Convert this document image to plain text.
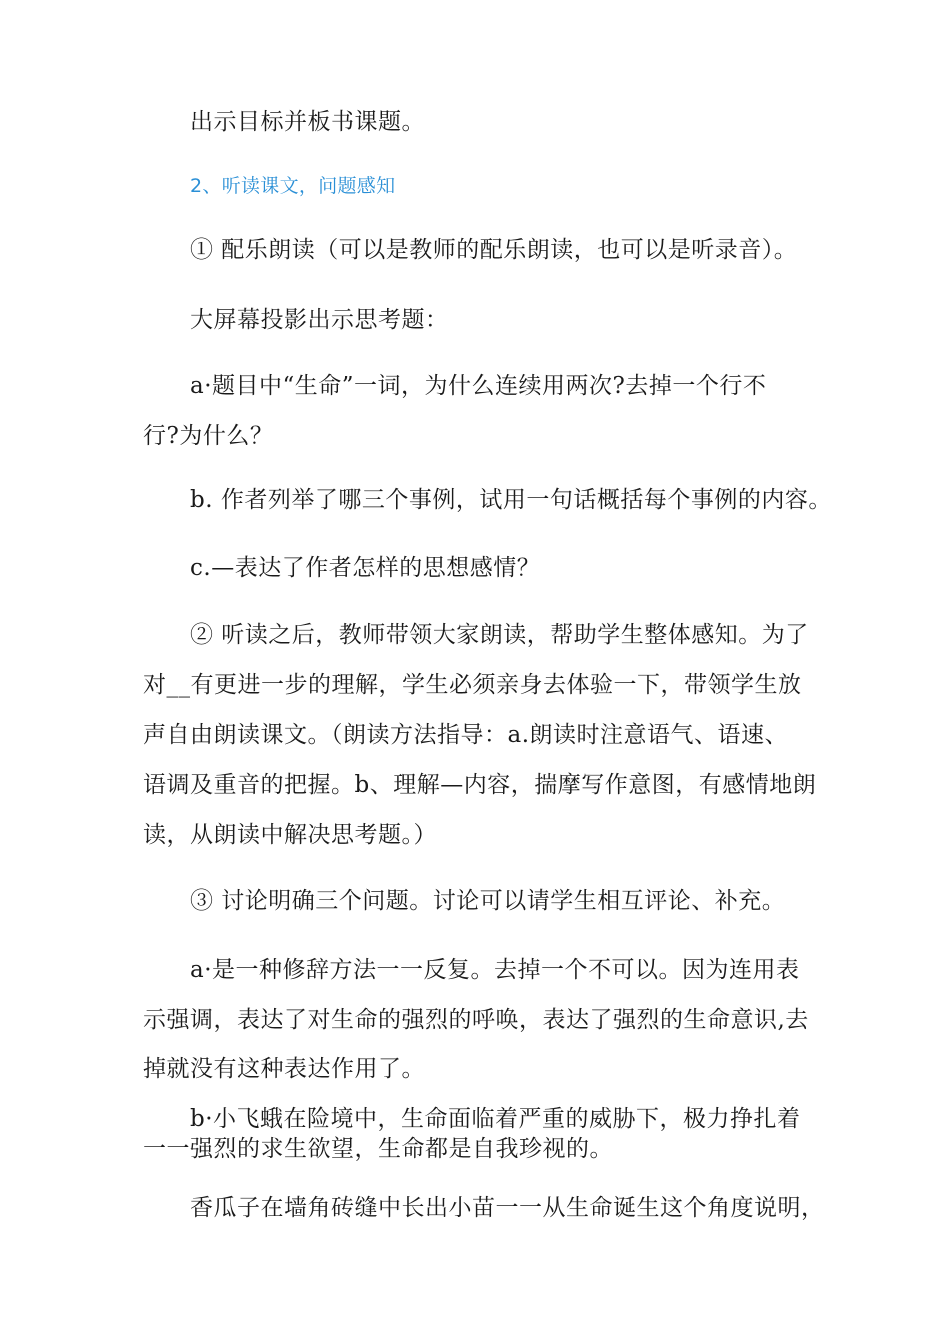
出示目标并板书课题。
2、听读课文，问题感知
① 配乐朗读（可以是教师的配乐朗读，也可以是听录音）。
大屏幕投影出示思考题：
a·题目中“生命”一词，为什么连续用两次?去掉一个行不
行?为什么？
b. 作者列举了哪三个事例，试用一句话概括每个事例的内容。
c.—表达了作者怎样的思想感情？
② 听读之后，教师带领大家朗读，帮助学生整体感知。为了
对__有更进一步的理解，学生必须亲身去体验一下，带领学生放
声自由朗读课文。（朗读方法指导：a.朗读时注意语气、语速、
语调及重音的把握。b、理解—内容，揣摩写作意图，有感情地朗
读，从朗读中解决思考题。）
③ 讨论明确三个问题。讨论可以请学生相互评论、补充。
a·是一种修辞方法一一反复。去掉一个不可以。因为连用表
示强调，表达了对生命的强烈的呼唤，表达了强烈的生命意识,去
掉就没有这种表达作用了。
b·小飞蛾在险境中，生命面临着严重的威胁下，极力挣扎着
一一强烈的求生欲望，生命都是自我珍视的。
香瓜子在墙角砖缝中长出小苗一一从生命诞生这个角度说明，
